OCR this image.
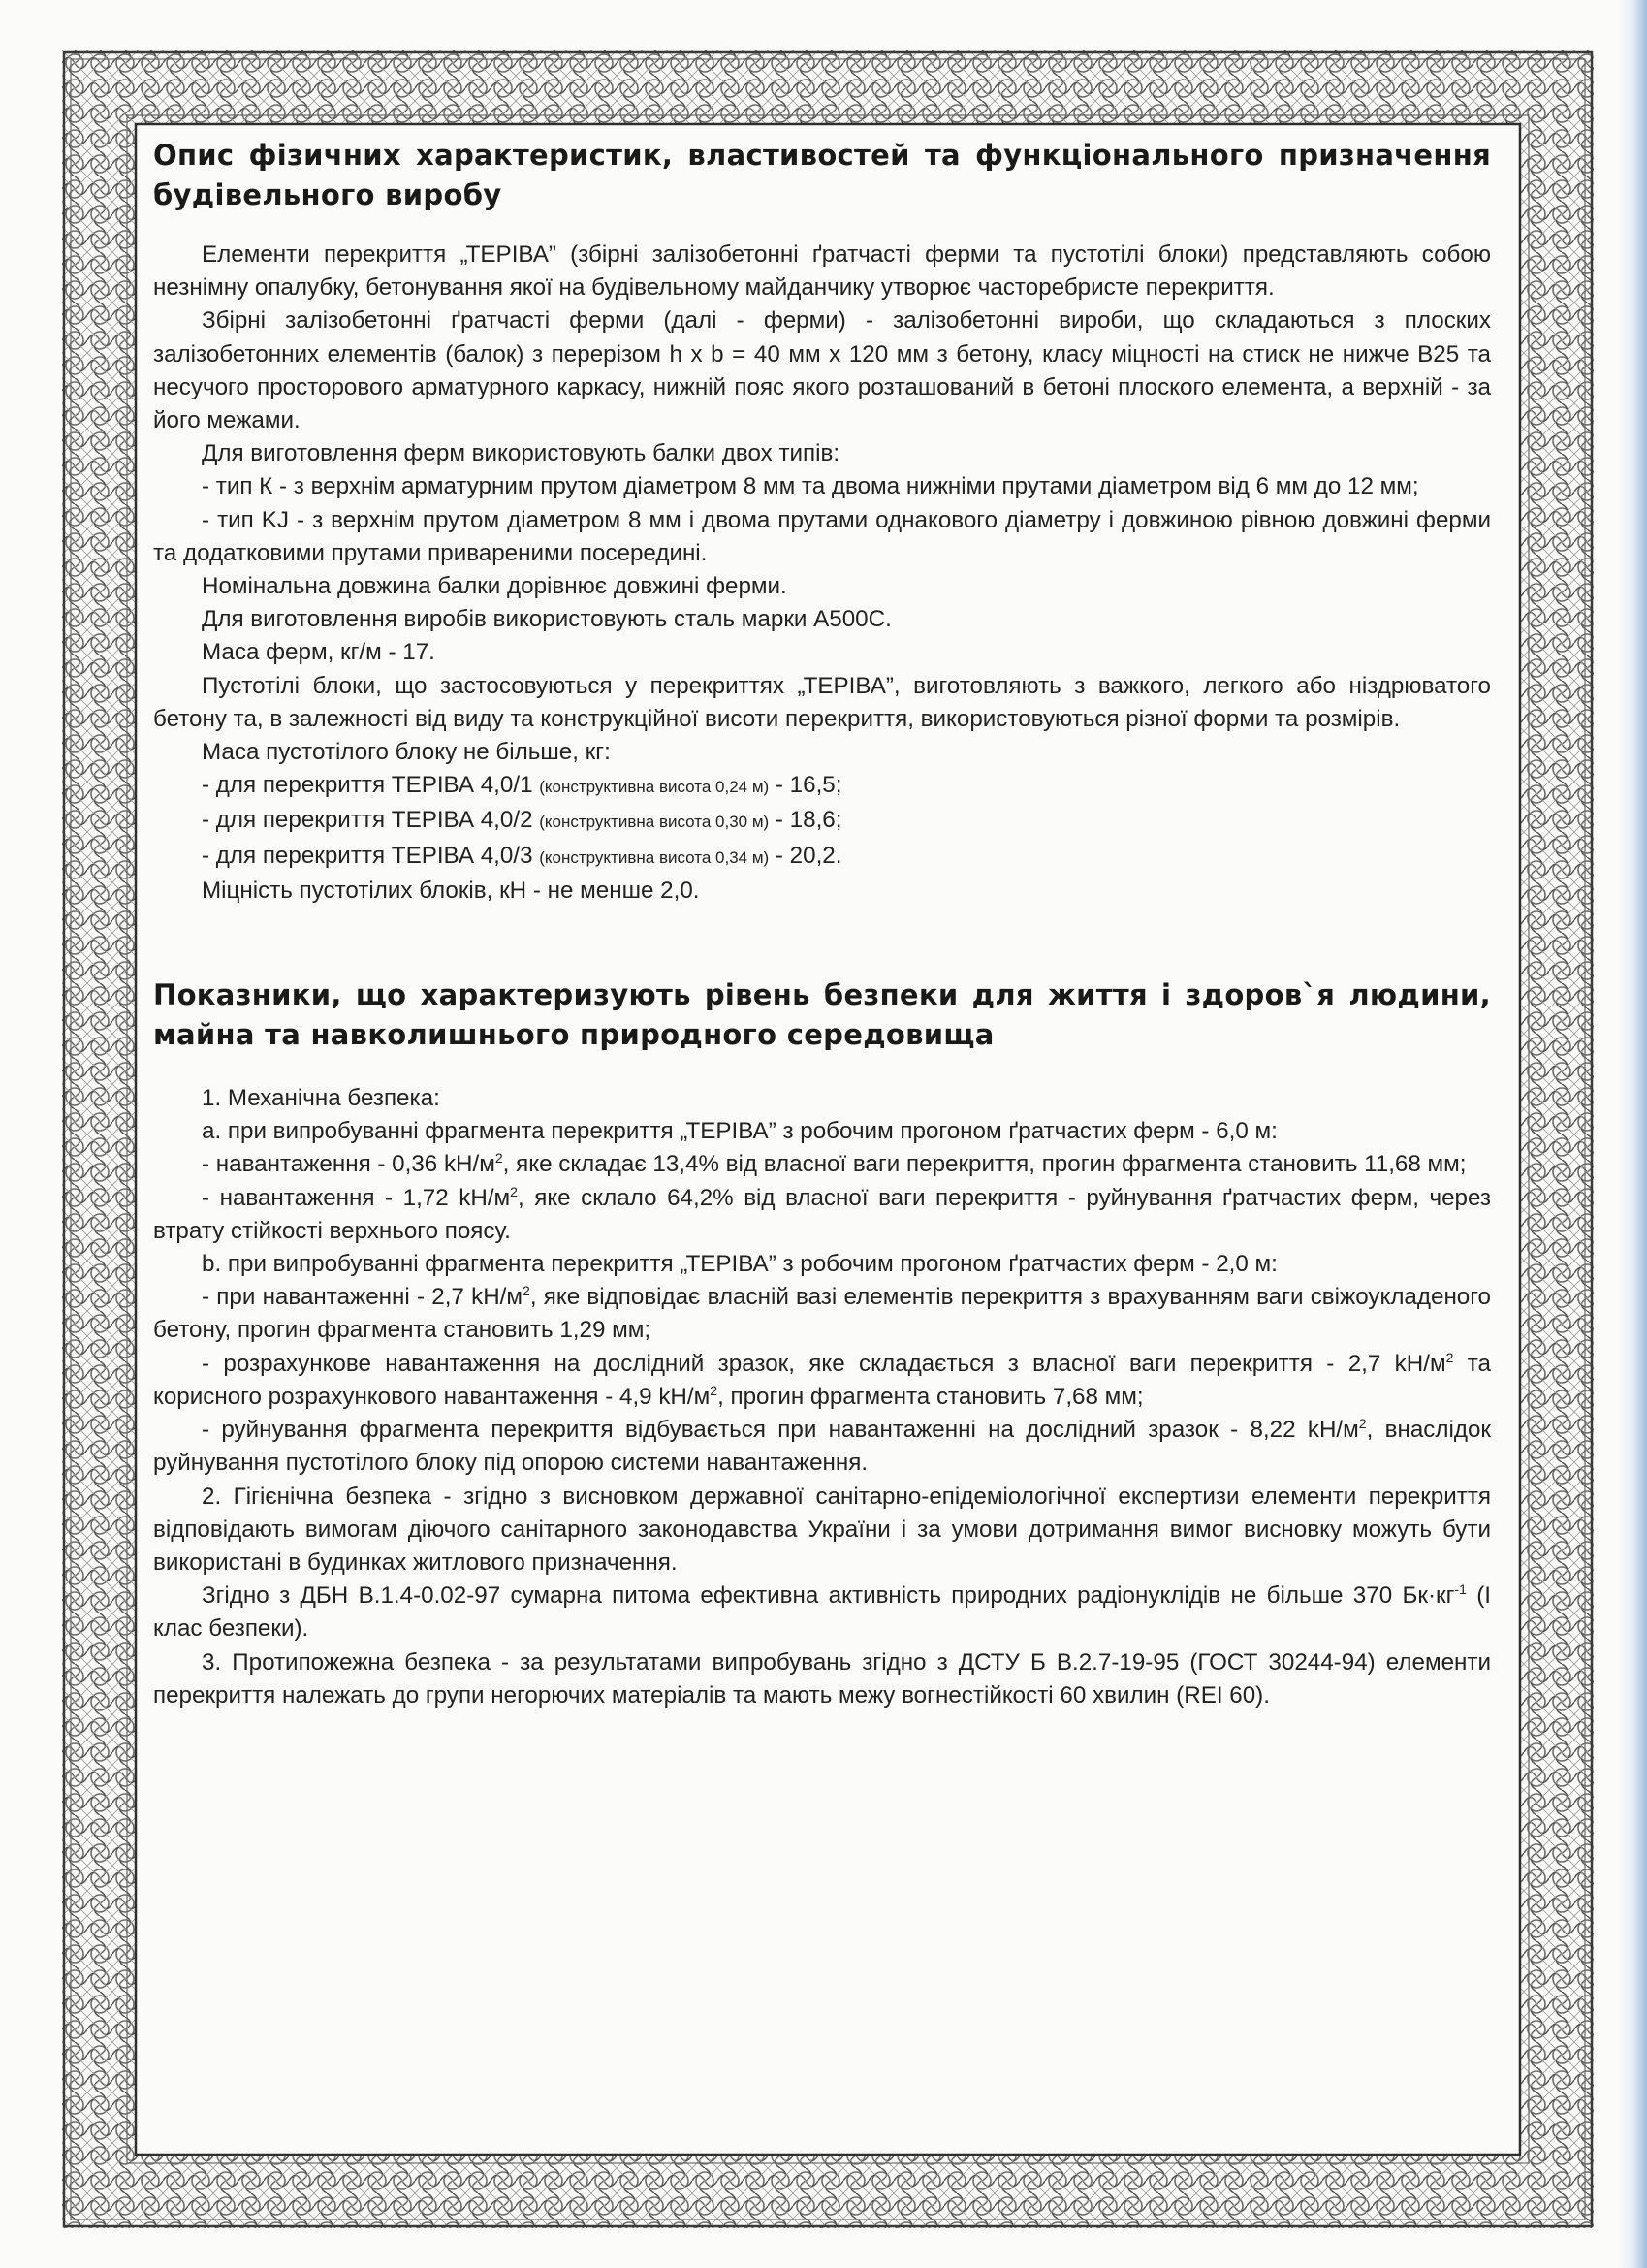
Опис фізичних характеристик, властивостей та функціонального призначення будівельного виробу

Елементи перекриття „ТЕРІВА” (збірні залізобетонні ґратчасті ферми та пустотілі блоки) представляють собою незнімну опалубку, бетонування якої на будівельному майданчику утворює часторебристе перекриття.

Збірні залізобетонні ґратчасті ферми (далі - ферми) - залізобетонні вироби, що складаються з плоских залізобетонних елементів (балок) з перерізом h x b = 40 мм x 120 мм з бетону, класу міцності на стиск не нижче В25 та несучого просторового арматурного каркасу, нижній пояс якого розташований в бетоні плоского елемента, а верхній - за його межами.

Для виготовлення ферм використовують балки двох типів:

- тип К - з верхнім арматурним прутом діаметром 8 мм та двома нижніми прутами діаметром від 6 мм до 12 мм;

- тип KJ - з верхнім прутом діаметром 8 мм і двома прутами однакового діаметру і довжиною рівною довжині ферми та додатковими прутами привареними посередині.

Номінальна довжина балки дорівнює довжині ферми.

Для виготовлення виробів використовують сталь марки А500С.

Маса ферм, кг/м - 17.

Пустотілі блоки, що застосовуються у перекриттях „ТЕРІВА”, виготовляють з важкого, легкого або ніздрюватого бетону та, в залежності від виду та конструкційної висоти перекриття, використовуються різної форми та розмірів.

Маса пустотілого блоку не більше, кг:

- для перекриття ТЕРІВА 4,0/1 (конструктивна висота 0,24 м) - 16,5;

- для перекриття ТЕРІВА 4,0/2 (конструктивна висота 0,30 м) - 18,6;

- для перекриття ТЕРІВА 4,0/3 (конструктивна висота 0,34 м) - 20,2.

Міцність пустотілих блоків, кН - не менше 2,0.

Показники, що характеризують рівень безпеки для життя і здоров`я людини, майна та навколишнього природного середовища

1. Механічна безпека:

a. при випробуванні фрагмента перекриття „ТЕРІВА” з робочим прогоном ґратчастих ферм - 6,0 м:

- навантаження - 0,36 $kH/м^2$, яке складає 13,4% від власної ваги перекриття, прогин фрагмента становить 11,68 мм;

- навантаження - 1,72 $kH/м^2$, яке склало 64,2% від власної ваги перекриття - руйнування ґратчастих ферм, через втрату стійкості верхнього поясу.

b. при випробуванні фрагмента перекриття „ТЕРІВА” з робочим прогоном ґратчастих ферм - 2,0 м:

- при навантаженні - 2,7 $kH/м^2$, яке відповідає власній вазі елементів перекриття з врахуванням ваги свіжоукладеного бетону, прогин фрагмента становить 1,29 мм;

- розрахункове навантаження на дослідний зразок, яке складається з власної ваги перекриття - 2,7 $kH/м^2$ та корисного розрахункового навантаження - 4,9 $kH/м^2$, прогин фрагмента становить 7,68 мм;

- руйнування фрагмента перекриття відбувається при навантаженні на дослідний зразок - 8,22 $kH/м^2$, внаслідок руйнування пустотілого блоку під опорою системи навантаження.

2. Гігієнічна безпека - згідно з висновком державної санітарно-епідеміологічної експертизи елементи перекриття відповідають вимогам діючого санітарного законодавства України і за умови дотримання вимог висновку можуть бути використані в будинках житлового призначення.

Згідно з ДБН В.1.4-0.02-97 сумарна питома ефективна активність природних радіонуклідів не більше 370 $Бк\cdot кг^{-1}$ (І клас безпеки).

3. Протипожежна безпека - за результатами випробувань згідно з ДСТУ Б В.2.7-19-95 (ГОСТ 30244-94) елементи перекриття належать до групи негорючих матеріалів та мають межу вогнестійкості 60 хвилин (REI 60).
